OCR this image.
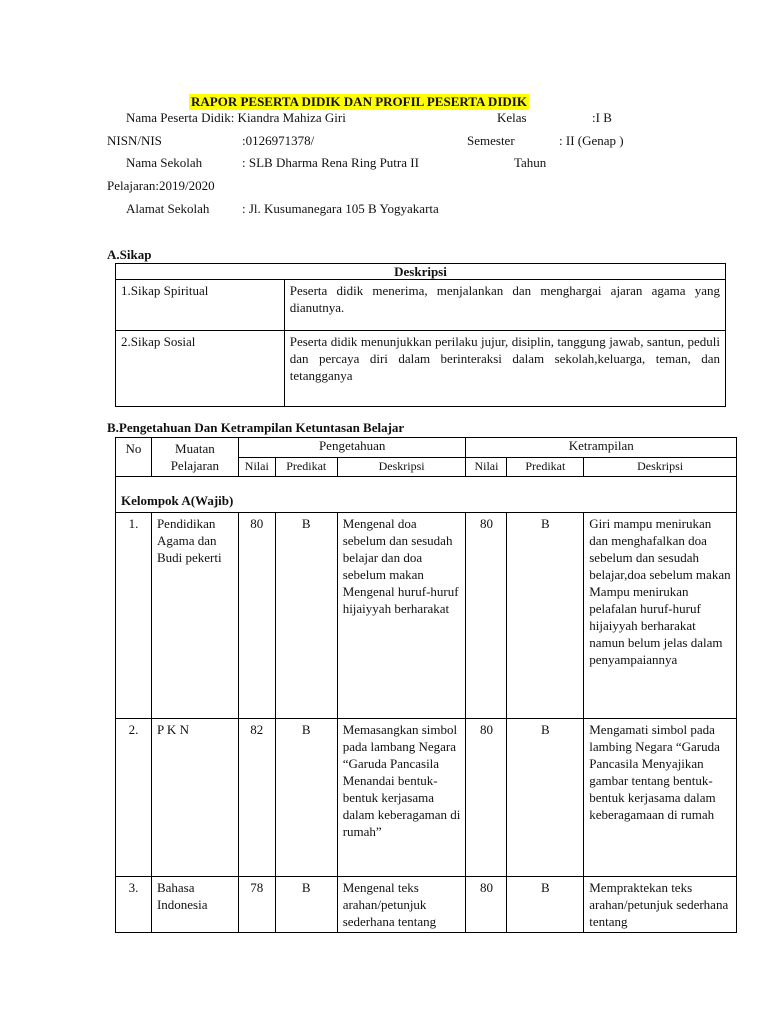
RAPOR PESERTA DIDIK DAN PROFIL PESERTA DIDIK
Nama Peserta Didik: Kiandra Mahiza Giri	Kelas	:I B
NISN/NIS	:0126971378/	Semester	: II (Genap )
Nama Sekolah	: SLB Dharma Rena Ring Putra II	Tahun
Pelajaran:2019/2020
Alamat Sekolah	: Jl. Kusumanegara 105 B Yogyakarta
A.Sikap
Deskripsi	
1.Sikap Spiritual	Peserta didik menerima, menjalankan dan menghargai ajaran agama yang dianutnya.
2.Sikap Sosial	Peserta didik menunjukkan perilaku jujur, disiplin, tanggung jawab, santun, peduli dan percaya diri dalam berinteraksi dalam sekolah,keluarga, teman, dan tetangganya
B.Pengetahuan Dan Ketrampilan Ketuntasan Belajar
No	Muatan Pelajaran	Pengetahuan			Ketrampilan		
		Nilai	Predikat	Deskripsi	Nilai	Predikat	Deskripsi
Kelompok A(Wajib)							
1.	Pendidikan Agama dan Budi pekerti	80	B	Mengenal doa sebelum dan sesudah belajar dan doa sebelum makan Mengenal huruf-huruf hijaiyyah berharakat	80	B	Giri mampu menirukan dan menghafalkan doa sebelum dan sesudah belajar,doa sebelum makan Mampu menirukan pelafalan huruf-huruf hijaiyyah berharakat namun belum jelas dalam penyampaiannya
2.	P K N	82	B	Memasangkan simbol pada lambang Negara “Garuda Pancasila Menandai bentuk-bentuk kerjasama dalam keberagaman di rumah”	80	B	Mengamati simbol pada lambing Negara “Garuda Pancasila Menyajikan gambar tentang bentuk-bentuk kerjasama dalam keberagamaan di rumah
3.	Bahasa Indonesia	78	B	Mengenal teks arahan/petunjuk sederhana tentang	80	B	Mempraktekan teks arahan/petunjuk sederhana tentang
